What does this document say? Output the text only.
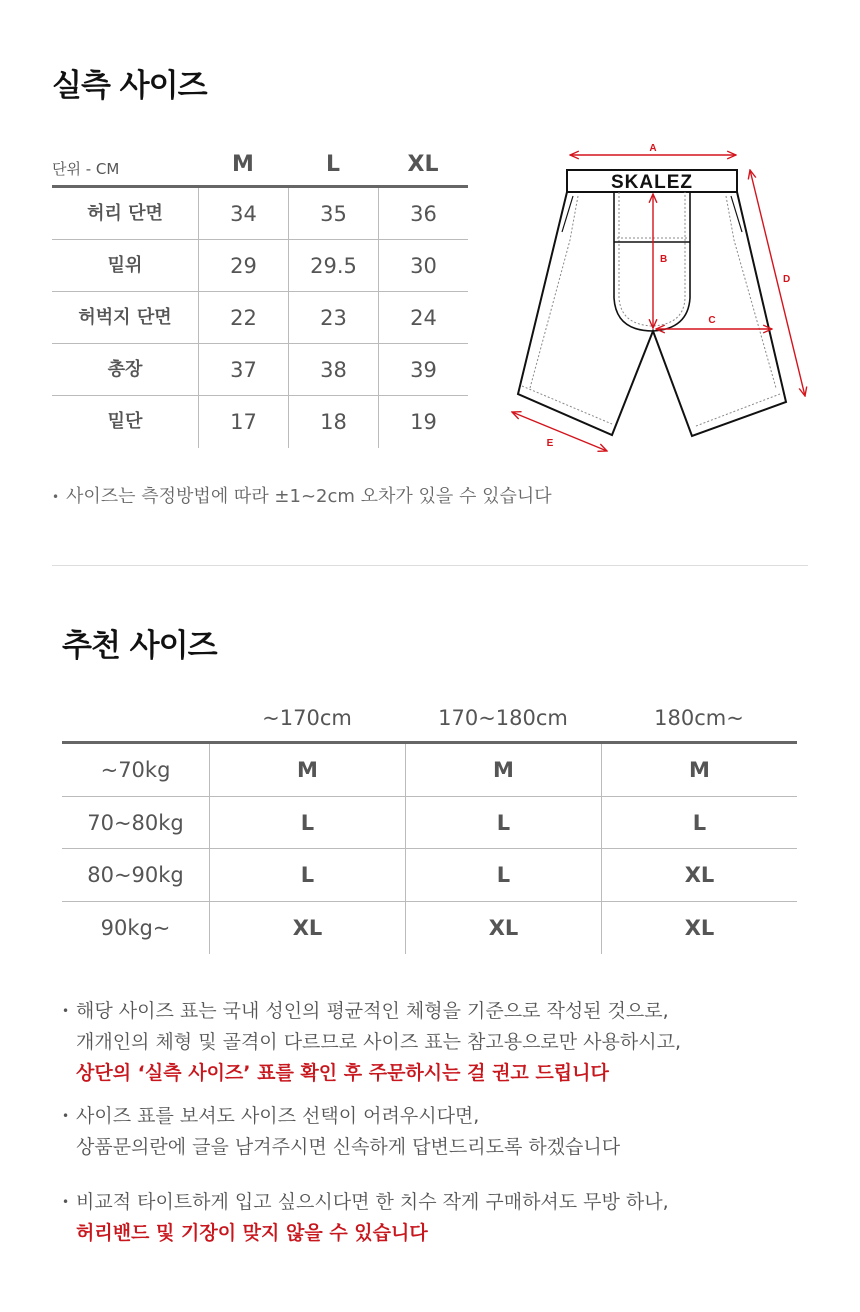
실측 사이즈
단위 - CM	M	L	XL
허리 단면	34	35	36
밑위	29	29.5	30
허벅지 단면	22	23	24
총장	37	38	39
밑단	17	18	19
SKALEZ
A
B
C
D
E
• 사이즈는 측정방법에 따라 ±1~2cm 오차가 있을 수 있습니다
추천 사이즈
~170cm	170~180cm	180cm~
~70kg	M	M	M
70~80kg	L	L	L
80~90kg	L	L	XL
90kg~	XL	XL	XL
• 해당 사이즈 표는 국내 성인의 평균적인 체형을 기준으로 작성된 것으로,
개개인의 체형 및 골격이 다르므로 사이즈 표는 참고용으로만 사용하시고,
상단의 ‘실측 사이즈’ 표를 확인 후 주문하시는 걸 권고 드립니다
• 사이즈 표를 보셔도 사이즈 선택이 어려우시다면,
상품문의란에 글을 남겨주시면 신속하게 답변드리도록 하겠습니다
• 비교적 타이트하게 입고 싶으시다면 한 치수 작게 구매하셔도 무방 하나,
허리밴드 및 기장이 맞지 않을 수 있습니다
